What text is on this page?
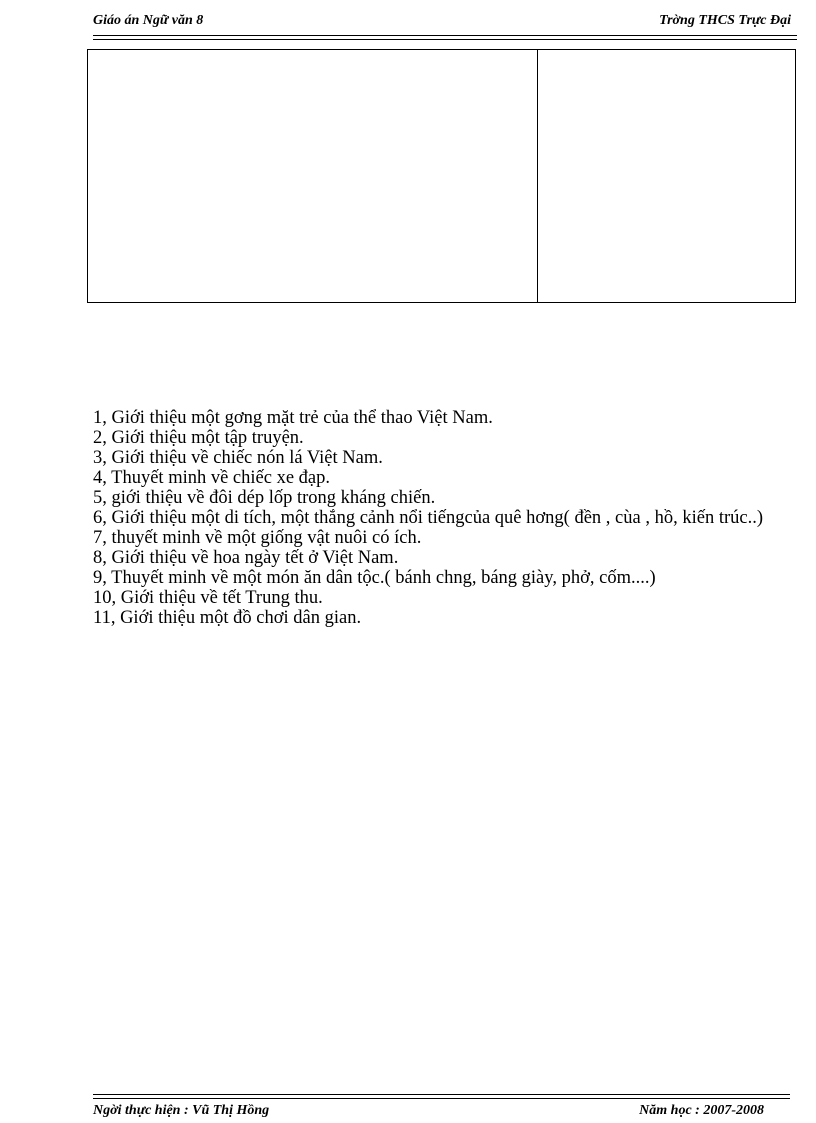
Giáo án Ngữ văn 8	Trờng THCS Trực Đại
1, Giới thiệu một gơng mặt trẻ của thể thao Việt Nam.
2, Giới thiệu một tập truyện.
3, Giới thiệu về chiếc nón lá Việt Nam.
4, Thuyết minh về chiếc xe đạp.
5, giới thiệu về đôi dép lốp trong kháng chiến.
6, Giới thiệu một di tích, một thắng cảnh nổi tiếngcủa quê hơng( đền , cùa , hồ, kiến trúc..)
7, thuyết minh về một giống vật nuôi có ích.
8, Giới thiệu về hoa ngày tết ở Việt Nam.
9, Thuyết minh về một món ăn dân tộc.( bánh chng, báng giày, phở, cốm....)
10, Giới thiệu về tết Trung thu.
11, Giới thiệu một đồ chơi dân gian.
Ngời thực hiện : Vũ Thị Hồng	Năm học : 2007-2008
